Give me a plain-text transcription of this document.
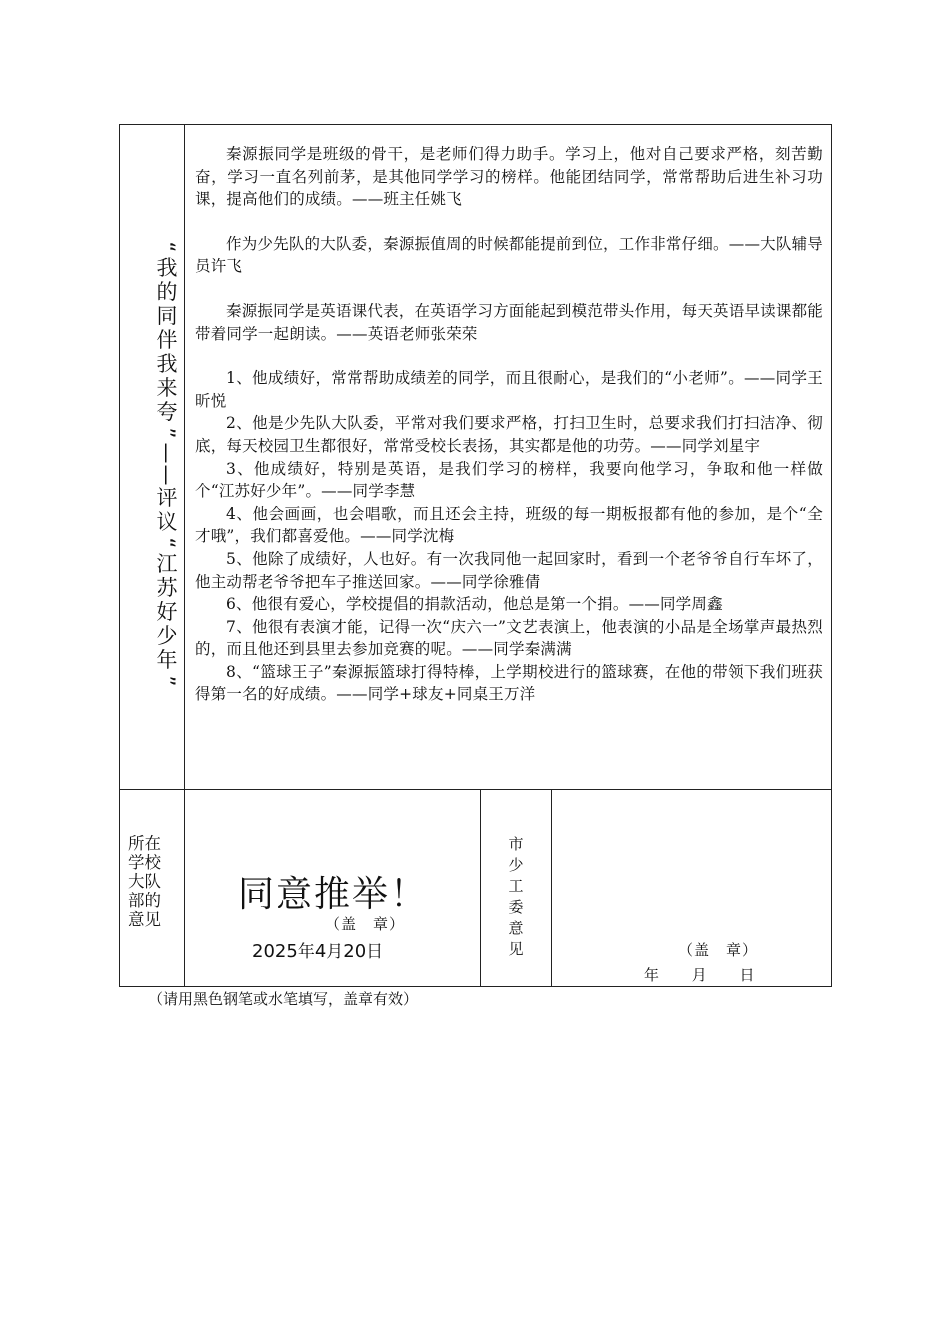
“
我
的
同
伴
我
来
夸
”
—
—
评
议
“
江
苏
好
少
年
”

秦源振同学是班级的骨干，是老师们得力助手。学习上，他对自己要求严格，刻苦勤奋，学习一直名列前茅，是其他同学学习的榜样。他能团结同学，常常帮助后进生补习功课，提高他们的成绩。——班主任姚飞

作为少先队的大队委，秦源振值周的时候都能提前到位，工作非常仔细。——大队辅导员许飞

秦源振同学是英语课代表，在英语学习方面能起到模范带头作用，每天英语早读课都能带着同学一起朗读。——英语老师张荣荣

1、他成绩好，常常帮助成绩差的同学，而且很耐心，是我们的“小老师”。——同学王昕悦

2、他是少先队大队委，平常对我们要求严格，打扫卫生时，总要求我们打扫洁净、彻底，每天校园卫生都很好，常常受校长表扬，其实都是他的功劳。——同学刘星宇

3、他成绩好，特别是英语，是我们学习的榜样，我要向他学习，争取和他一样做个“江苏好少年”。——同学李慧

4、他会画画，也会唱歌，而且还会主持，班级的每一期板报都有他的参加，是个“全才哦”，我们都喜爱他。——同学沈梅

5、他除了成绩好，人也好。有一次我同他一起回家时，看到一个老爷爷自行车坏了，他主动帮老爷爷把车子推送回家。——同学徐雅倩

6、他很有爱心，学校提倡的捐款活动，他总是第一个捐。——同学周鑫

7、他很有表演才能，记得一次“庆六一”文艺表演上，他表演的小品是全场掌声最热烈的，而且他还到县里去参加竞赛的呢。——同学秦满满

8、“篮球王子”秦源振篮球打得特棒，上学期校进行的篮球赛，在他的带领下我们班获得第一名的好成绩。——同学+球友+同桌王万洋

所在
学校
大队
部的
意见
同意推举！
（盖　章）
2025年4月20日
市
少
工
委
意
见	（盖　章）
年 月 日
（请用黑色钢笔或水笔填写，盖章有效）
